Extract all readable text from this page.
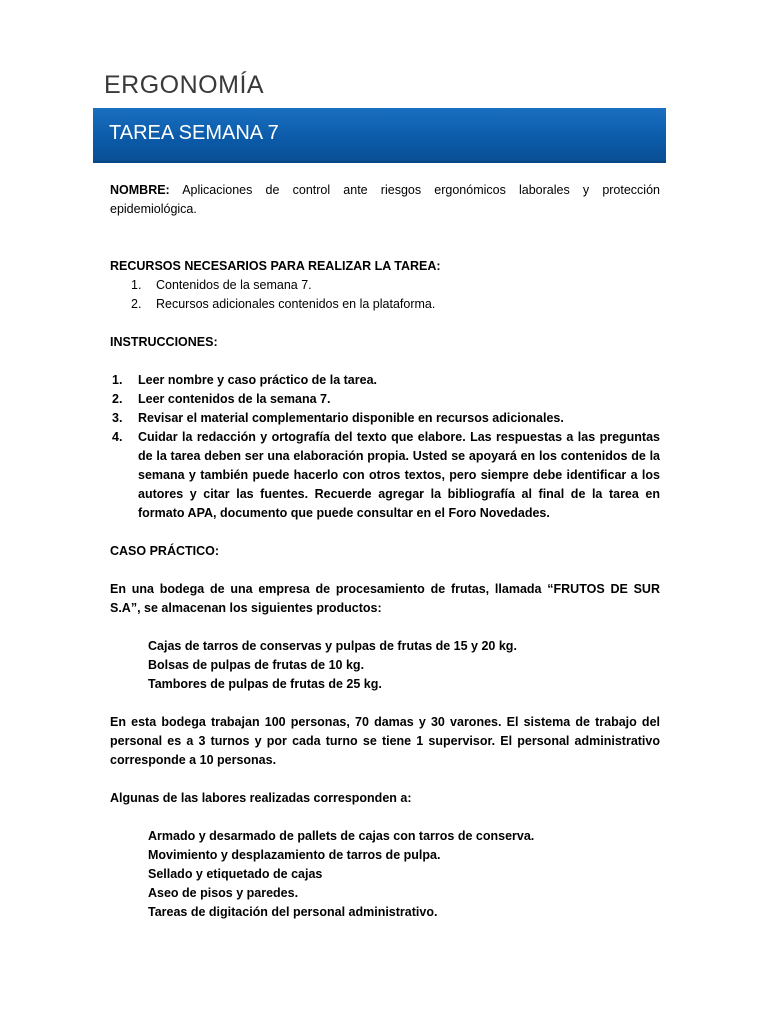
ERGONOMÍA
TAREA SEMANA 7
NOMBRE: Aplicaciones de control ante riesgos ergonómicos laborales y protección epidemiológica.
RECURSOS NECESARIOS PARA REALIZAR LA TAREA:
1. Contenidos de la semana 7.
2. Recursos adicionales contenidos en la plataforma.
INSTRUCCIONES:
1. Leer nombre y caso práctico de la tarea.
2. Leer contenidos de la semana 7.
3. Revisar el material complementario disponible en recursos adicionales.
4. Cuidar la redacción y ortografía del texto que elabore. Las respuestas a las preguntas de la tarea deben ser una elaboración propia. Usted se apoyará en los contenidos de la semana y también puede hacerlo con otros textos, pero siempre debe identificar a los autores y citar las fuentes. Recuerde agregar la bibliografía al final de la tarea en formato APA, documento que puede consultar en el Foro Novedades.
CASO PRÁCTICO:
En una bodega de una empresa de procesamiento de frutas, llamada “FRUTOS DE SUR S.A”, se almacenan los siguientes productos:
Cajas de tarros de conservas y pulpas de frutas de 15 y 20 kg.
Bolsas de pulpas de frutas de 10 kg.
Tambores de pulpas de frutas de 25 kg.
En esta bodega trabajan 100 personas, 70 damas y 30 varones. El sistema de trabajo del personal es a 3 turnos y por cada turno se tiene 1 supervisor. El personal administrativo corresponde a 10 personas.
Algunas de las labores realizadas corresponden a:
Armado y desarmado de pallets de cajas con tarros de conserva.
Movimiento y desplazamiento de tarros de pulpa.
Sellado y etiquetado de cajas
Aseo de pisos y paredes.
Tareas de digitación del personal administrativo.
